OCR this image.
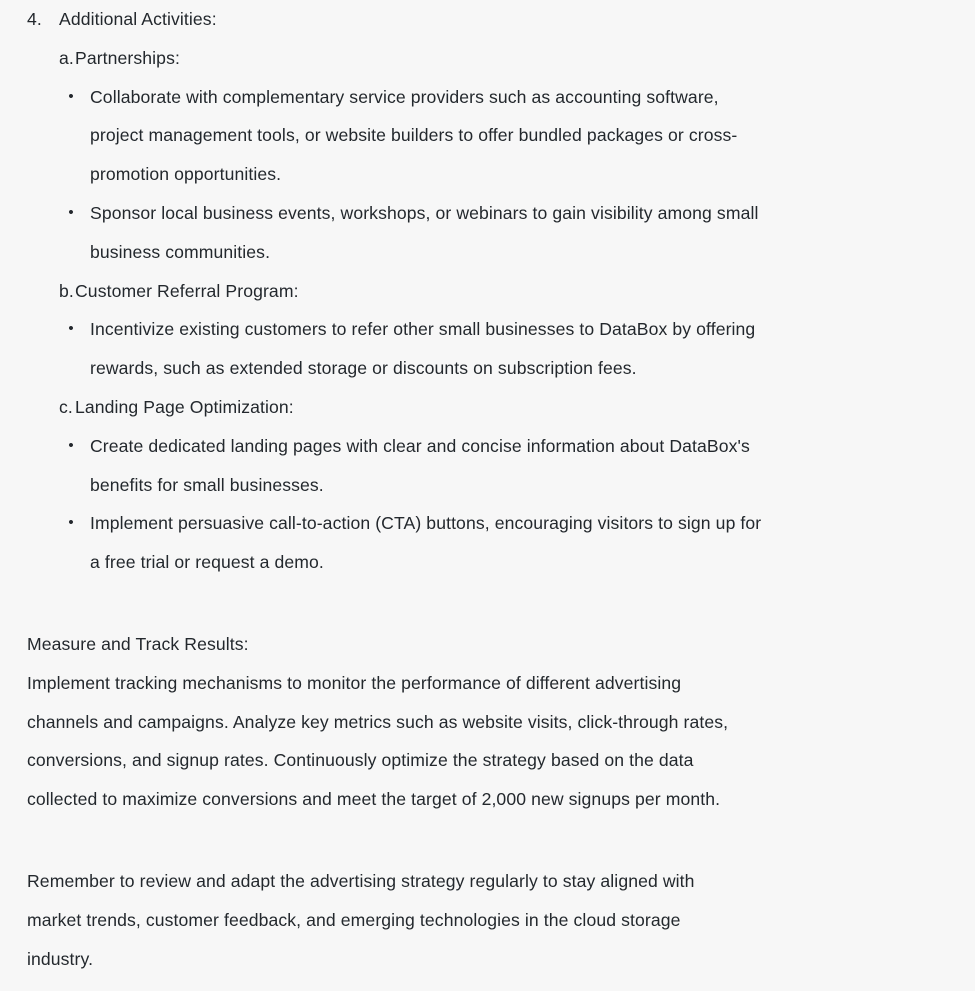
4. Additional Activities:
a. Partnerships:
• Collaborate with complementary service providers such as accounting software,
project management tools, or website builders to offer bundled packages or cross-
promotion opportunities.
• Sponsor local business events, workshops, or webinars to gain visibility among small
business communities.
b. Customer Referral Program:
• Incentivize existing customers to refer other small businesses to DataBox by offering
rewards, such as extended storage or discounts on subscription fees.
c. Landing Page Optimization:
• Create dedicated landing pages with clear and concise information about DataBox's
benefits for small businesses.
• Implement persuasive call-to-action (CTA) buttons, encouraging visitors to sign up for
a free trial or request a demo.
Measure and Track Results:
Implement tracking mechanisms to monitor the performance of different advertising
channels and campaigns. Analyze key metrics such as website visits, click-through rates,
conversions, and signup rates. Continuously optimize the strategy based on the data
collected to maximize conversions and meet the target of 2,000 new signups per month.
Remember to review and adapt the advertising strategy regularly to stay aligned with
market trends, customer feedback, and emerging technologies in the cloud storage
industry.
